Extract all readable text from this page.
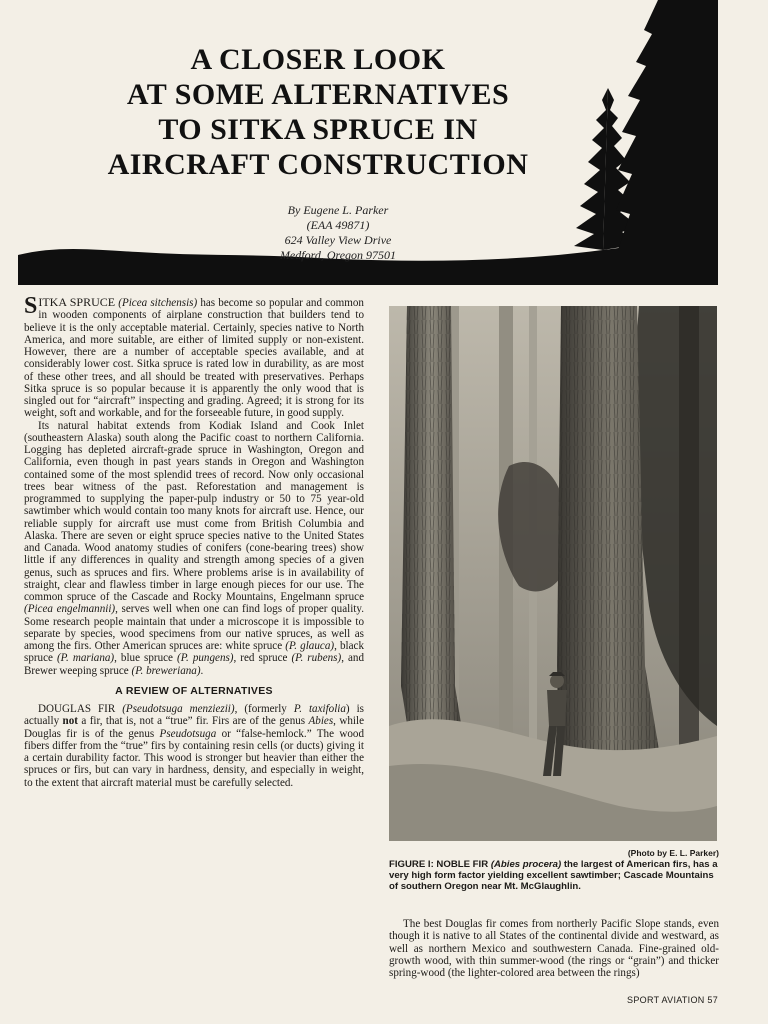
A CLOSER LOOK
AT SOME ALTERNATIVES
TO SITKA SPRUCE IN
AIRCRAFT CONSTRUCTION
By Eugene L. Parker
(EAA 49871)
624 Valley View Drive
Medford, Oregon 97501

SITKA SPRUCE (Picea sitchensis) has become so popular and common in wooden components of airplane construction that builders tend to believe it is the only acceptable material. Certainly, species native to North America, and more suitable, are either of limited supply or non-existent. However, there are a number of acceptable species available, and at considerably lower cost. Sitka spruce is rated low in durability, as are most of these other trees, and all should be treated with preservatives. Perhaps Sitka spruce is so popular because it is apparently the only wood that is singled out for “aircraft” inspecting and grading. Agreed; it is strong for its weight, soft and workable, and for the forseeable future, in good supply.

Its natural habitat extends from Kodiak Island and Cook Inlet (southeastern Alaska) south along the Pacific coast to northern California. Logging has depleted aircraft-grade spruce in Washington, Oregon and California, even though in past years stands in Oregon and Washington contained some of the most splendid trees of record. Now only occasional trees bear witness of the past. Reforestation and management is programmed to supplying the paper-pulp industry or 50 to 75 year-old sawtimber which would contain too many knots for aircraft use. Hence, our reliable supply for aircraft use must come from British Columbia and Alaska. There are seven or eight spruce species native to the United States and Canada. Wood anatomy studies of conifers (cone-bearing trees) show little if any differences in quality and strength among species of a given genus, such as spruces and firs. Where problems arise is in availability of straight, clear and flawless timber in large enough pieces for our use. The common spruce of the Cascade and Rocky Mountains, Engelmann spruce (Picea engelmannii), serves well when one can find logs of proper quality. Some research people maintain that under a microscope it is impossible to separate by species, wood specimens from our native spruces, as well as among the firs. Other American spruces are: white spruce (P. glauca), black spruce (P. mariana), blue spruce (P. pungens), red spruce (P. rubens), and Brewer weeping spruce (P. breweriana).

A REVIEW OF ALTERNATIVES

DOUGLAS FIR (Pseudotsuga menziezii), (formerly P. taxifolia) is actually not a fir, that is, not a “true” fir. Firs are of the genus Abies, while Douglas fir is of the genus Pseudotsuga or “false-hemlock.” The wood fibers differ from the “true” firs by containing resin cells (or ducts) giving it a certain durability factor. This wood is stronger but heavier than either the spruces or firs, but can vary in hardness, density, and especially in weight, to the extent that aircraft material must be carefully selected.

(Photo by E. L. Parker)
FIGURE I: NOBLE FIR (Abies procera) the largest of American firs, has a very high form factor yielding excellent sawtimber; Cascade Mountains of southern Oregon near Mt. McGlaughlin.

The best Douglas fir comes from northerly Pacific Slope stands, even though it is native to all States of the continental divide and westward, as well as northern Mexico and southwestern Canada. Fine-grained old-growth wood, with thin summer-wood (the rings or “grain”) and thicker spring-wood (the lighter-colored area between the rings)

SPORT AVIATION 57
